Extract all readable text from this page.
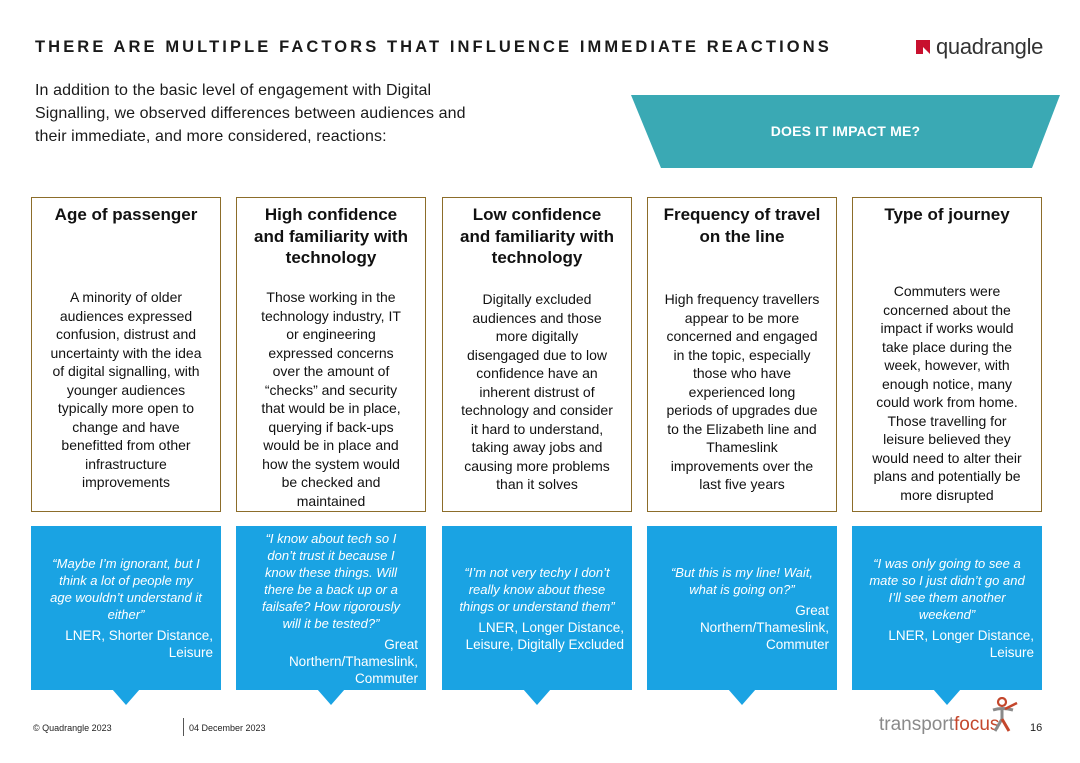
THERE ARE MULTIPLE FACTORS THAT INFLUENCE IMMEDIATE REACTIONS	quadrangle
In addition to the basic level of engagement with Digital
Signalling, we observed differences between audiences and
their immediate, and more considered, reactions:	DOES IT IMPACT ME?
Age of passenger
A minority of older
audiences expressed
confusion, distrust and
uncertainty with the idea
of digital signalling, with
younger audiences
typically more open to
change and have
benefitted from other
infrastructure
improvements
“Maybe I’m ignorant, but I
think a lot of people my
age wouldn’t understand it
either”
LNER, Shorter Distance,
Leisure
High confidence
and familiarity with
technology
Those working in the
technology industry, IT
or engineering
expressed concerns
over the amount of
“checks” and security
that would be in place,
querying if back-ups
would be in place and
how the system would
be checked and
maintained
“I know about tech so I
don’t trust it because I
know these things. Will
there be a back up or a
failsafe? How rigorously
will it be tested?”
Great
Northern/Thameslink,
Commuter
Low confidence
and familiarity with
technology
Digitally excluded
audiences and those
more digitally
disengaged due to low
confidence have an
inherent distrust of
technology and consider
it hard to understand,
taking away jobs and
causing more problems
than it solves
“I’m not very techy I don’t
really know about these
things or understand them”
LNER, Longer Distance,
Leisure, Digitally Excluded
Frequency of travel
on the line
High frequency travellers
appear to be more
concerned and engaged
in the topic, especially
those who have
experienced long
periods of upgrades due
to the Elizabeth line and
Thameslink
improvements over the
last five years
“But this is my line! Wait,
what is going on?”
Great
Northern/Thameslink,
Commuter
Type of journey
Commuters were
concerned about the
impact if works would
take place during the
week, however, with
enough notice, many
could work from home.
Those travelling for
leisure believed they
would need to alter their
plans and potentially be
more disrupted
“I was only going to see a
mate so I just didn’t go and
I’ll see them another
weekend”
LNER, Longer Distance,
Leisure
© Quadrangle 2023	04 December 2023	transportfocus	16
